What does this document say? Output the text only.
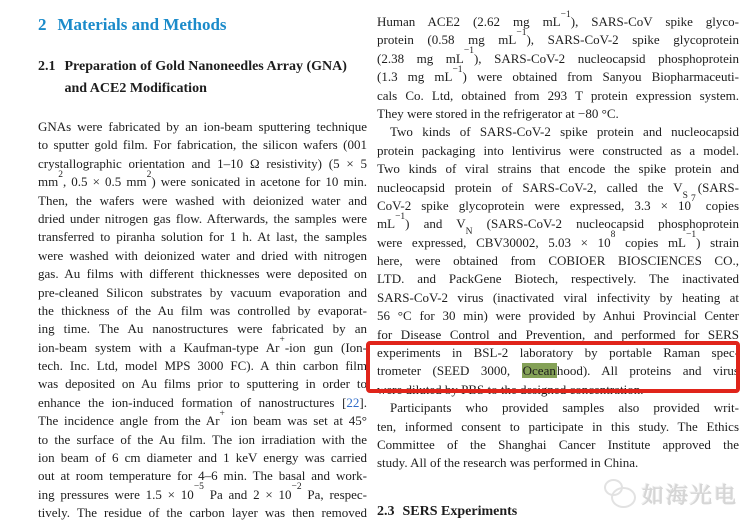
2 Materials and Methods
2.1 Preparation of Gold Nanoneedles Array (GNA)
and ACE2 Modification
GNAs were fabricated by an ion-beam sputtering technique
to sputter gold film. For fabrication, the silicon wafers (001
crystallographic orientation and 1–10 Ω resistivity) (5 × 5
$mm^2$, 0.5 × 0.5 $mm^2$) were sonicated in acetone for 10 min.
Then, the wafers were washed with deionized water and
dried under nitrogen gas flow. Afterwards, the samples were
transferred to piranha solution for 1 h. At last, the samples
were washed with deionized water and dried with nitrogen
gas. Au films with different thicknesses were deposited on
pre-cleaned Silicon substrates by vacuum evaporation and
the thickness of the Au film was controlled by evaporat-
ing time. The Au nanostructures were fabricated by an
ion-beam system with a Kaufman-type Ar+-ion gun (Ion-
tech. Inc. Ltd, model MPS 3000 FC). A thin carbon film
was deposited on Au films prior to sputtering in order to
enhance the ion-induced formation of nanostructures [22].
The incidence angle from the Ar+ ion beam was set at 45°
to the surface of the Au film. The ion irradiation with the
ion beam of 6 cm diameter and 1 keV energy was carried
out at room temperature for 4–6 min. The basal and work-
ing pressures were $1.5 \times 10^{-5}$ Pa and $2 \times 10^{-2}$ Pa, respec-
tively. The residue of the carbon layer was then removed
Human ACE2 (2.62 mg $mL^{-1}$), SARS-CoV spike glyco-
protein (0.58 mg $mL^{-1}$), SARS-CoV-2 spike glycoprotein
(2.38 mg $mL^{-1}$), SARS-CoV-2 nucleocapsid phosphoprotein
(1.3 mg $mL^{-1}$) were obtained from Sanyou Biopharmaceuti-
cals Co. Ltd, obtained from 293 T protein expression system.
They were stored in the refrigerator at −80 °C.
Two kinds of SARS-CoV-2 spike protein and nucleocapsid
protein packaging into lentivirus were constructed as a model.
Two kinds of viral strains that encode the spike protein and
nucleocapsid protein of SARS-CoV-2, called the $V_S$ (SARS-
CoV-2 spike glycoprotein were expressed, $3.3 \times 10^7$ copies
$mL^{-1}$) and $V_N$ (SARS-CoV-2 nucleocapsid phosphoprotein
were expressed, CBV30002, $5.03 \times 10^8$ copies $mL^{-1}$) strain
here, were obtained from COBIOER BIOSCIENCES CO.,
LTD. and PackGene Biotech, respectively. The inactivated
SARS-CoV-2 virus (inactivated viral infectivity by heating at
56 °C for 30 min) were provided by Anhui Provincial Center
for Disease Control and Prevention, and performed for SERS
experiments in BSL-2 laboratory by portable Raman spec-
trometer (SEED 3000, Oceanhood). All proteins and virus
were diluted by PBS to the designed concentration.
Participants who provided samples also provided writ-
ten, informed consent to participate in this study. The Ethics
Committee of the Shanghai Cancer Institute approved the
study. All of the research was performed in China.
2.3 SERS Experiments
如海光电
